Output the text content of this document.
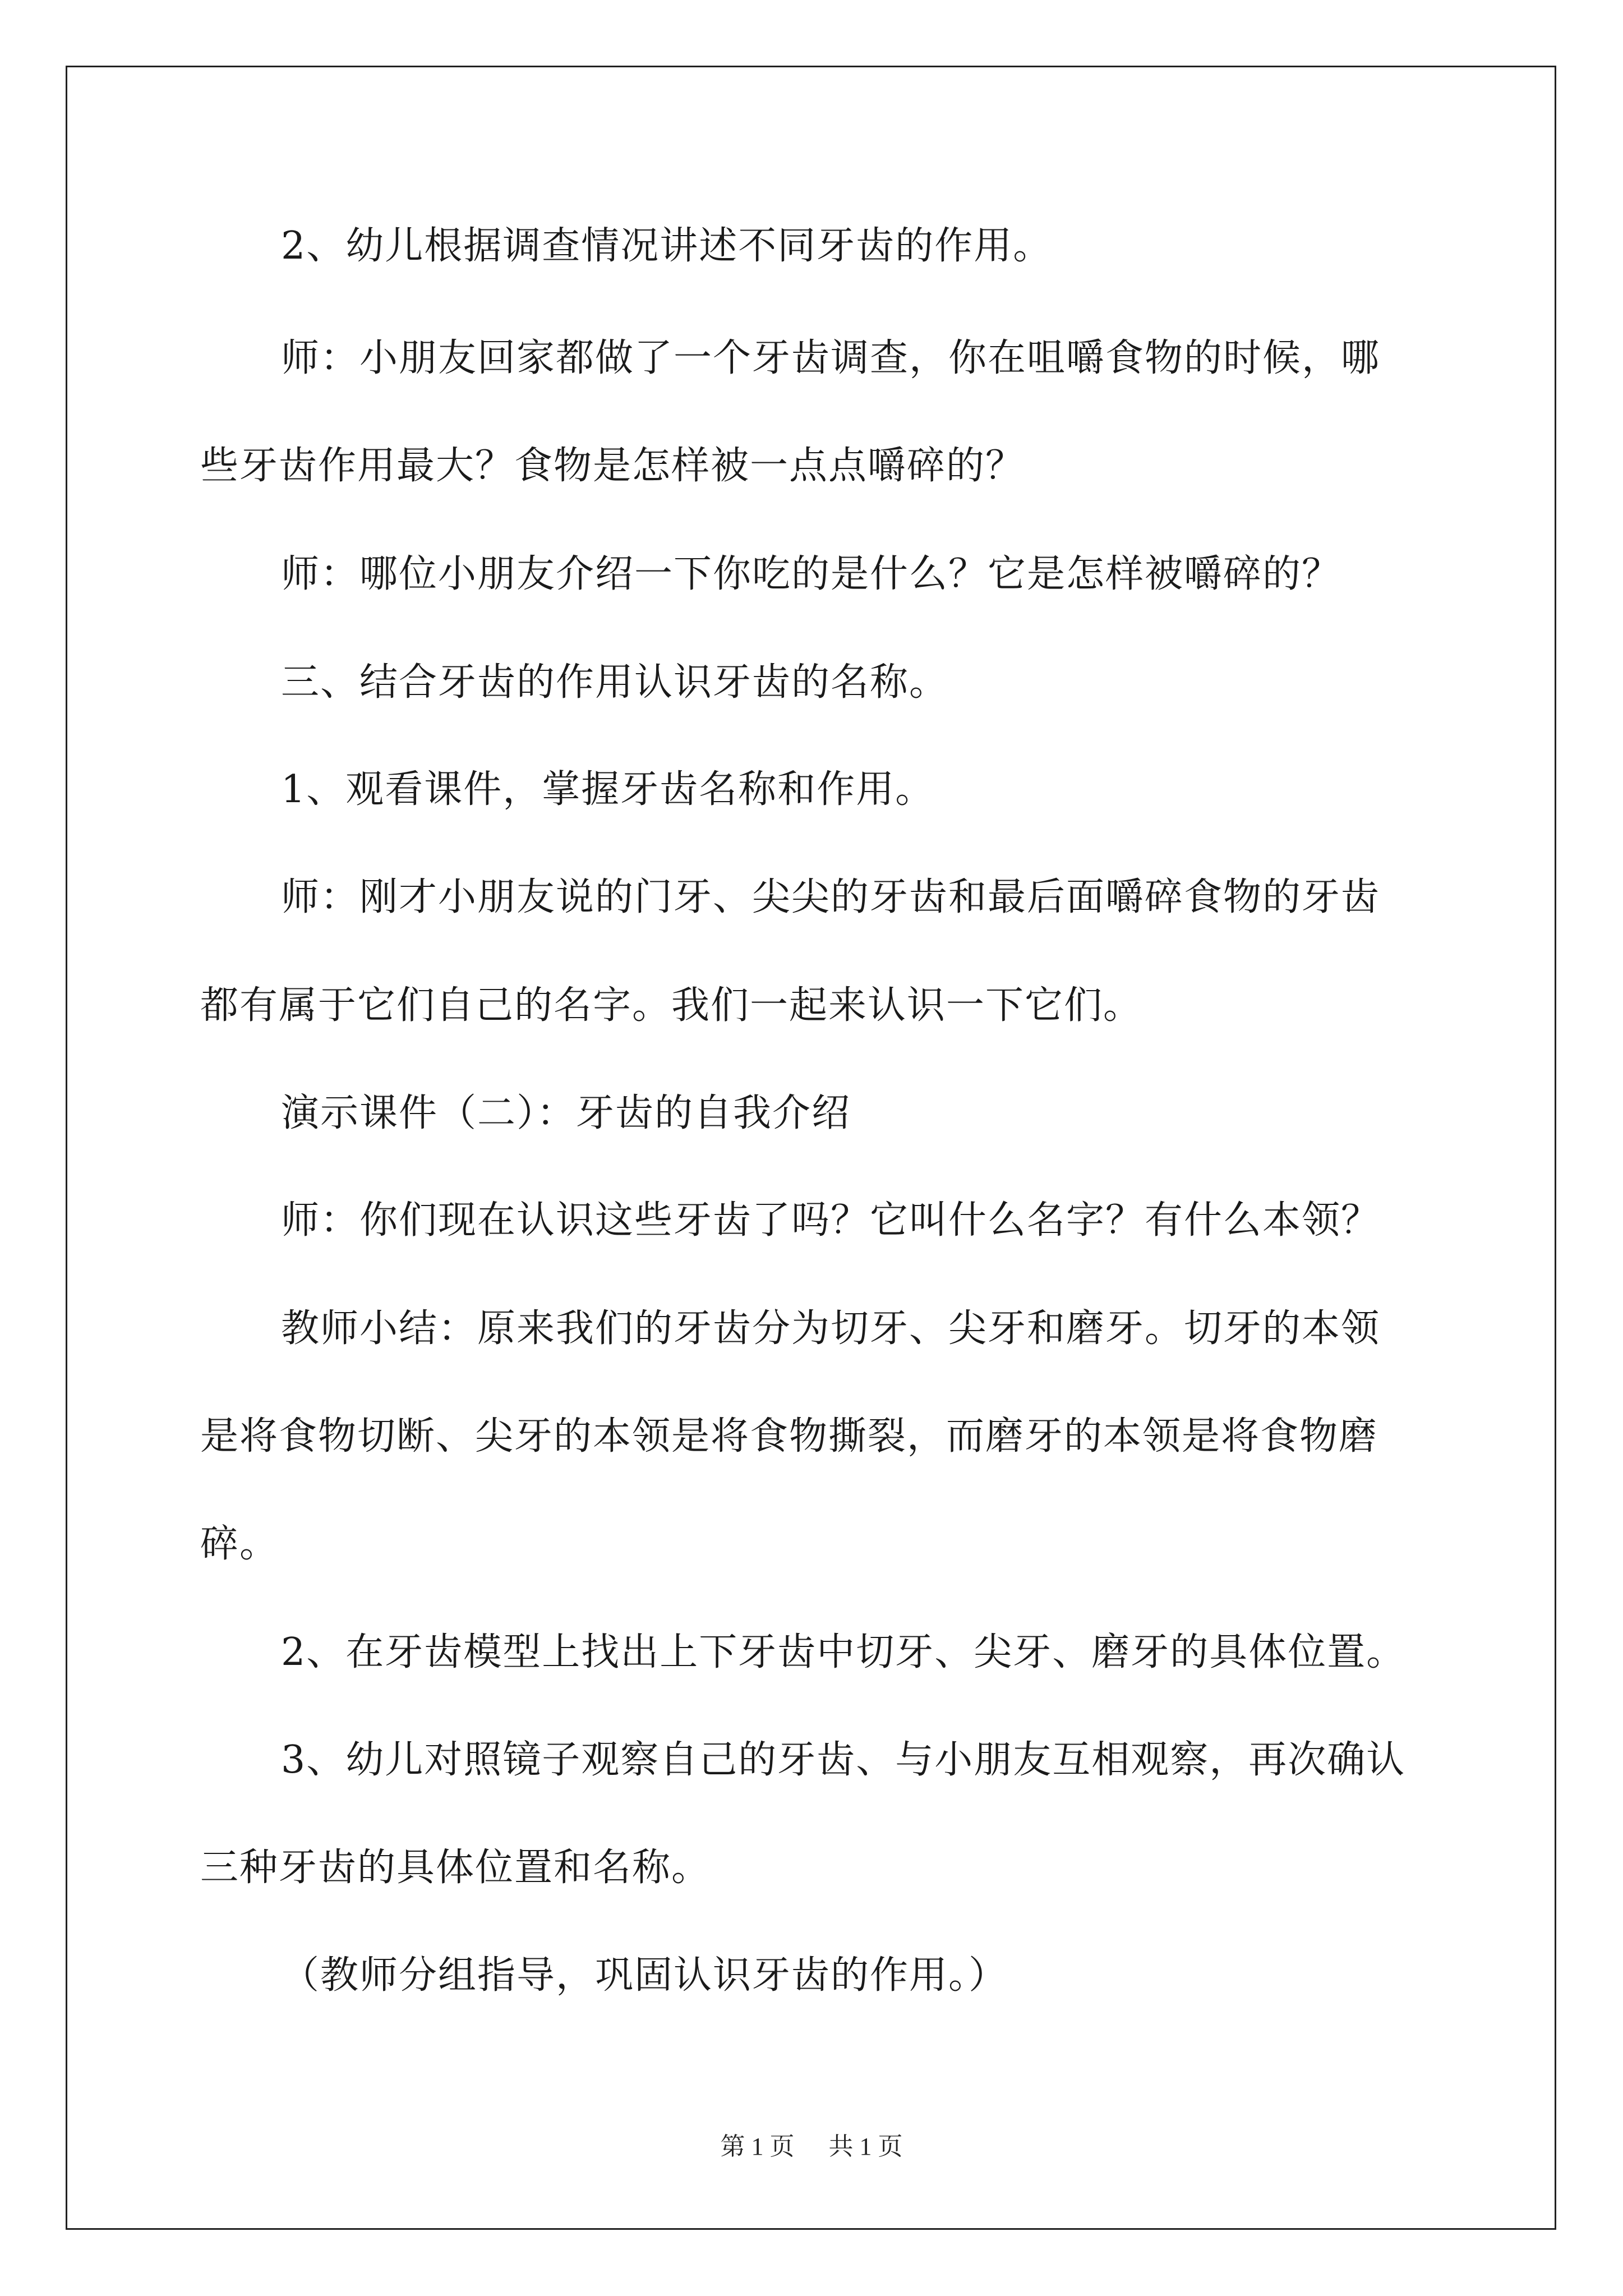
2、幼儿根据调查情况讲述不同牙齿的作用。
师：小朋友回家都做了一个牙齿调查，你在咀嚼食物的时候，哪
些牙齿作用最大？食物是怎样被一点点嚼碎的？
师：哪位小朋友介绍一下你吃的是什么？它是怎样被嚼碎的？
三、结合牙齿的作用认识牙齿的名称。
1、观看课件，掌握牙齿名称和作用。
师：刚才小朋友说的门牙、尖尖的牙齿和最后面嚼碎食物的牙齿
都有属于它们自己的名字。我们一起来认识一下它们。
演示课件（二）：牙齿的自我介绍
师：你们现在认识这些牙齿了吗？它叫什么名字？有什么本领？
教师小结：原来我们的牙齿分为切牙、尖牙和磨牙。切牙的本领
是将食物切断、尖牙的本领是将食物撕裂，而磨牙的本领是将食物磨
碎。
2、在牙齿模型上找出上下牙齿中切牙、尖牙、磨牙的具体位置。
3、幼儿对照镜子观察自己的牙齿、与小朋友互相观察，再次确认
三种牙齿的具体位置和名称。
（教师分组指导，巩固认识牙齿的作用。）
第 1 页 共 1 页
